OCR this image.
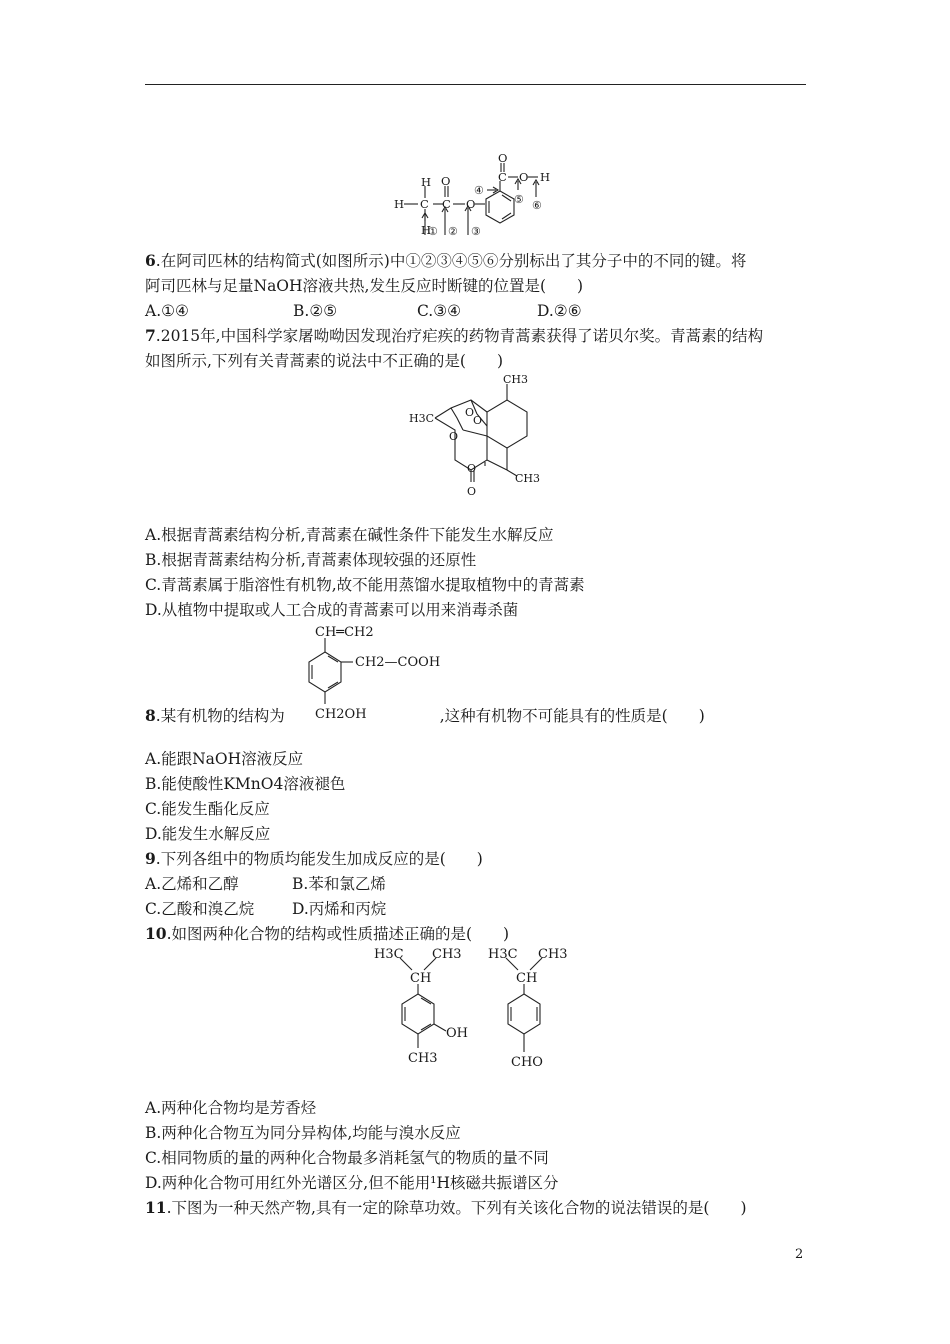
H
H C
H
O
C O
O
C O H
① ② ③
④
⑤ ⑥
6.在阿司匹林的结构简式(如图所示)中①②③④⑤⑥分别标出了其分子中的不同的键。将
阿司匹林与足量NaOH溶液共热,发生反应时断键的位置是(　　)
A.①④	B.②⑤	C.③④	D.②⑥
7.2015年,中国科学家屠呦呦因发现治疗疟疾的药物青蒿素获得了诺贝尔奖。青蒿素的结构
如图所示,下列有关青蒿素的说法中不正确的是(　　)
CH3
H3C
CH3
O
O
O
O
O
A.根据青蒿素结构分析,青蒿素在碱性条件下能发生水解反应
B.根据青蒿素结构分析,青蒿素体现较强的还原性
C.青蒿素属于脂溶性有机物,故不能用蒸馏水提取植物中的青蒿素
D.从植物中提取或人工合成的青蒿素可以用来消毒杀菌
CH═CH2
CH2—COOH
CH2OH
8.某有机物的结构为	,这种有机物不可能具有的性质是(　　)
A.能跟NaOH溶液反应
B.能使酸性KMnO4溶液褪色
C.能发生酯化反应
D.能发生水解反应
9.下列各组中的物质均能发生加成反应的是(　　)
A.乙烯和乙醇	B.苯和氯乙烯
C.乙酸和溴乙烷 D.丙烯和丙烷
10.如图两种化合物的结构或性质描述正确的是(　　)
H3C CH3
CH
OH
CH3
H3C CH3
CH
CHO
A.两种化合物均是芳香烃
B.两种化合物互为同分异构体,均能与溴水反应
C.相同物质的量的两种化合物最多消耗氢气的物质的量不同
D.两种化合物可用红外光谱区分,但不能用¹H核磁共振谱区分
11.下图为一种天然产物,具有一定的除草功效。下列有关该化合物的说法错误的是(　　)
2
